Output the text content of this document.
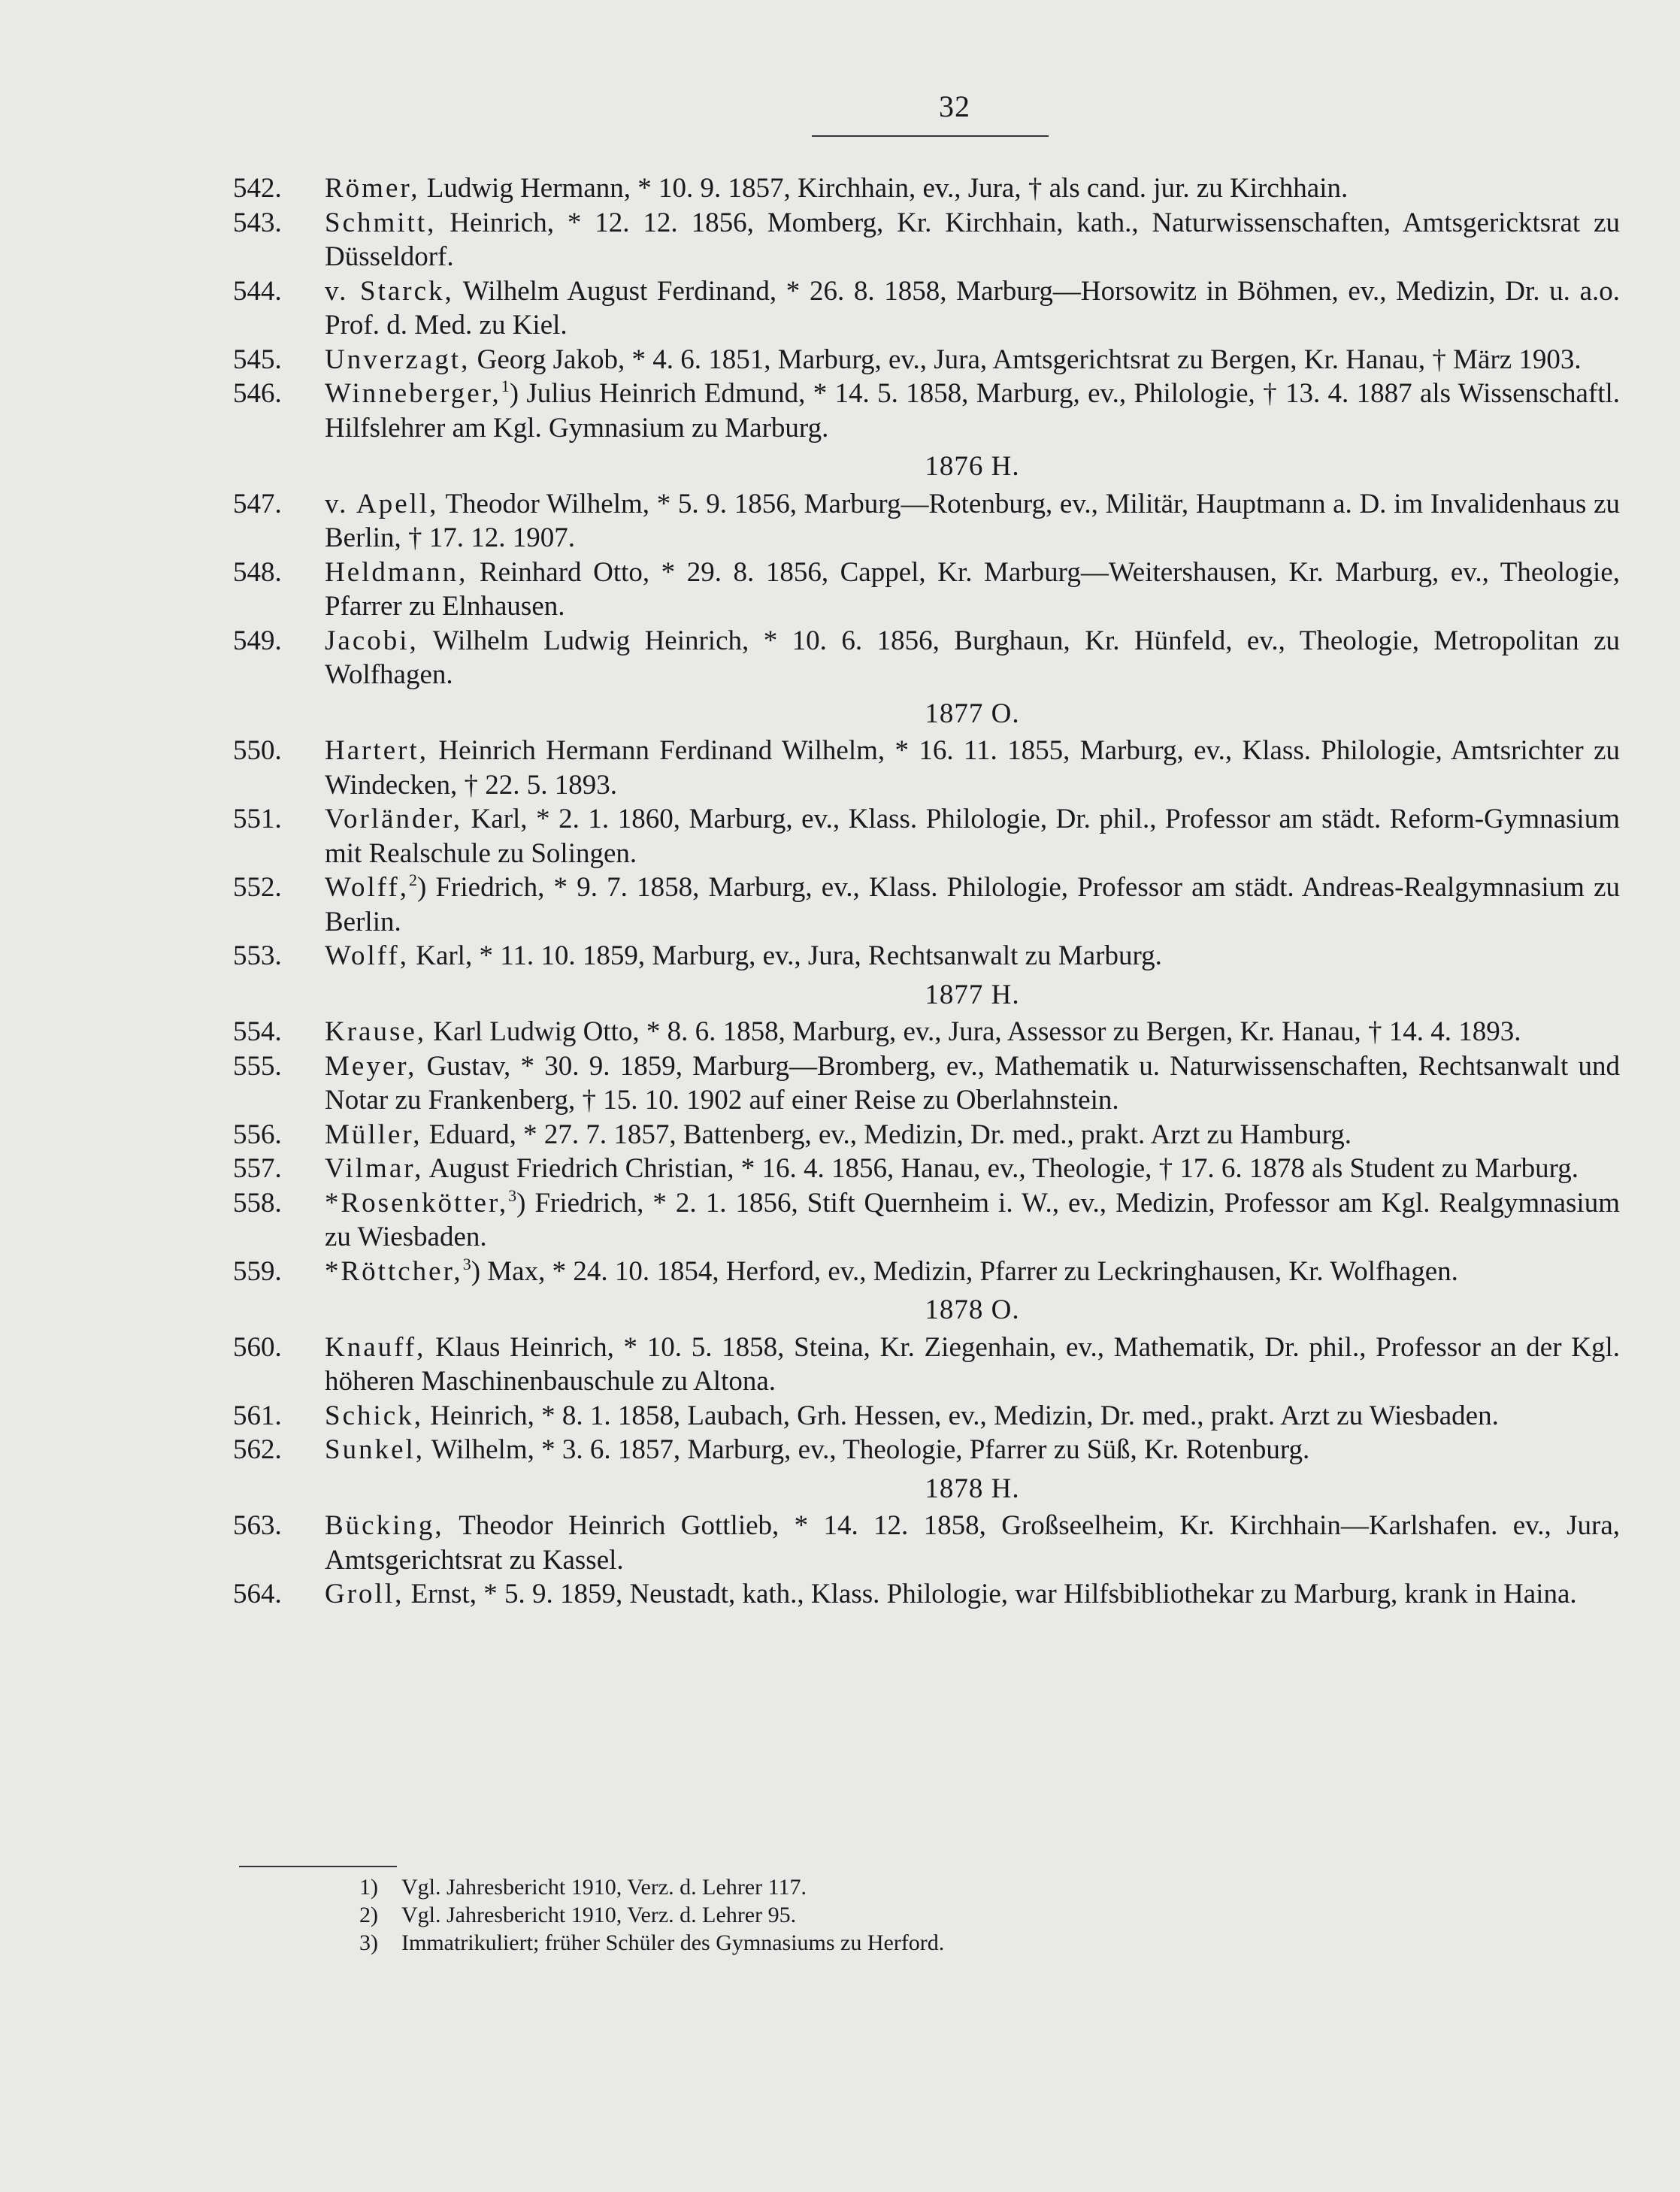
32

542. Römer, Ludwig Hermann, * 10. 9. 1857, Kirchhain, ev., Jura, † als cand. jur. zu Kirchhain.

543. Schmitt, Heinrich, * 12. 12. 1856, Momberg, Kr. Kirchhain, kath., Naturwissenschaften, Amtsgericktsrat zu Düsseldorf.

544. v. Starck, Wilhelm August Ferdinand, * 26. 8. 1858, Marburg—Horsowitz in Böhmen, ev., Medizin, Dr. u. a.o. Prof. d. Med. zu Kiel.

545. Unverzagt, Georg Jakob, * 4. 6. 1851, Marburg, ev., Jura, Amtsgerichtsrat zu Bergen, Kr. Hanau, † März 1903.

546. Winneberger,$^1$) Julius Heinrich Edmund, * 14. 5. 1858, Marburg, ev., Philologie, † 13. 4. 1887 als Wissenschaftl. Hilfslehrer am Kgl. Gymnasium zu Marburg.

1876 H.

547. v. Apell, Theodor Wilhelm, * 5. 9. 1856, Marburg—Rotenburg, ev., Militär, Hauptmann a. D. im Invalidenhaus zu Berlin, † 17. 12. 1907.

548. Heldmann, Reinhard Otto, * 29. 8. 1856, Cappel, Kr. Marburg—Weitershausen, Kr. Marburg, ev., Theologie, Pfarrer zu Elnhausen.

549. Jacobi, Wilhelm Ludwig Heinrich, * 10. 6. 1856, Burghaun, Kr. Hünfeld, ev., Theologie, Metropolitan zu Wolfhagen.

1877 O.

550. Hartert, Heinrich Hermann Ferdinand Wilhelm, * 16. 11. 1855, Marburg, ev., Klass. Philologie, Amtsrichter zu Windecken, † 22. 5. 1893.

551. Vorländer, Karl, * 2. 1. 1860, Marburg, ev., Klass. Philologie, Dr. phil., Professor am städt. Reform-Gymnasium mit Realschule zu Solingen.

552. Wolff,$^2$) Friedrich, * 9. 7. 1858, Marburg, ev., Klass. Philologie, Professor am städt. Andreas-Realgymnasium zu Berlin.

553. Wolff, Karl, * 11. 10. 1859, Marburg, ev., Jura, Rechtsanwalt zu Marburg.

1877 H.

554. Krause, Karl Ludwig Otto, * 8. 6. 1858, Marburg, ev., Jura, Assessor zu Bergen, Kr. Hanau, † 14. 4. 1893.

555. Meyer, Gustav, * 30. 9. 1859, Marburg—Bromberg, ev., Mathematik u. Naturwissenschaften, Rechtsanwalt und Notar zu Frankenberg, † 15. 10. 1902 auf einer Reise zu Oberlahnstein.

556. Müller, Eduard, * 27. 7. 1857, Battenberg, ev., Medizin, Dr. med., prakt. Arzt zu Hamburg.

557. Vilmar, August Friedrich Christian, * 16. 4. 1856, Hanau, ev., Theologie, † 17. 6. 1878 als Student zu Marburg.

558. *Rosenkötter,$^3$) Friedrich, * 2. 1. 1856, Stift Quernheim i. W., ev., Medizin, Professor am Kgl. Realgymnasium zu Wiesbaden.

559. *Röttcher,$^3$) Max, * 24. 10. 1854, Herford, ev., Medizin, Pfarrer zu Leckringhausen, Kr. Wolfhagen.

1878 O.

560. Knauff, Klaus Heinrich, * 10. 5. 1858, Steina, Kr. Ziegenhain, ev., Mathematik, Dr. phil., Professor an der Kgl. höheren Maschinenbauschule zu Altona.

561. Schick, Heinrich, * 8. 1. 1858, Laubach, Grh. Hessen, ev., Medizin, Dr. med., prakt. Arzt zu Wiesbaden.

562. Sunkel, Wilhelm, * 3. 6. 1857, Marburg, ev., Theologie, Pfarrer zu Süß, Kr. Rotenburg.

1878 H.

563. Bücking, Theodor Heinrich Gottlieb, * 14. 12. 1858, Großseelheim, Kr. Kirchhain—Karlshafen. ev., Jura, Amtsgerichtsrat zu Kassel.

564. Groll, Ernst, * 5. 9. 1859, Neustadt, kath., Klass. Philologie, war Hilfsbibliothekar zu Marburg, krank in Haina.

1) Vgl. Jahresbericht 1910, Verz. d. Lehrer 117.
2) Vgl. Jahresbericht 1910, Verz. d. Lehrer 95.
3) Immatrikuliert; früher Schüler des Gymnasiums zu Herford.
